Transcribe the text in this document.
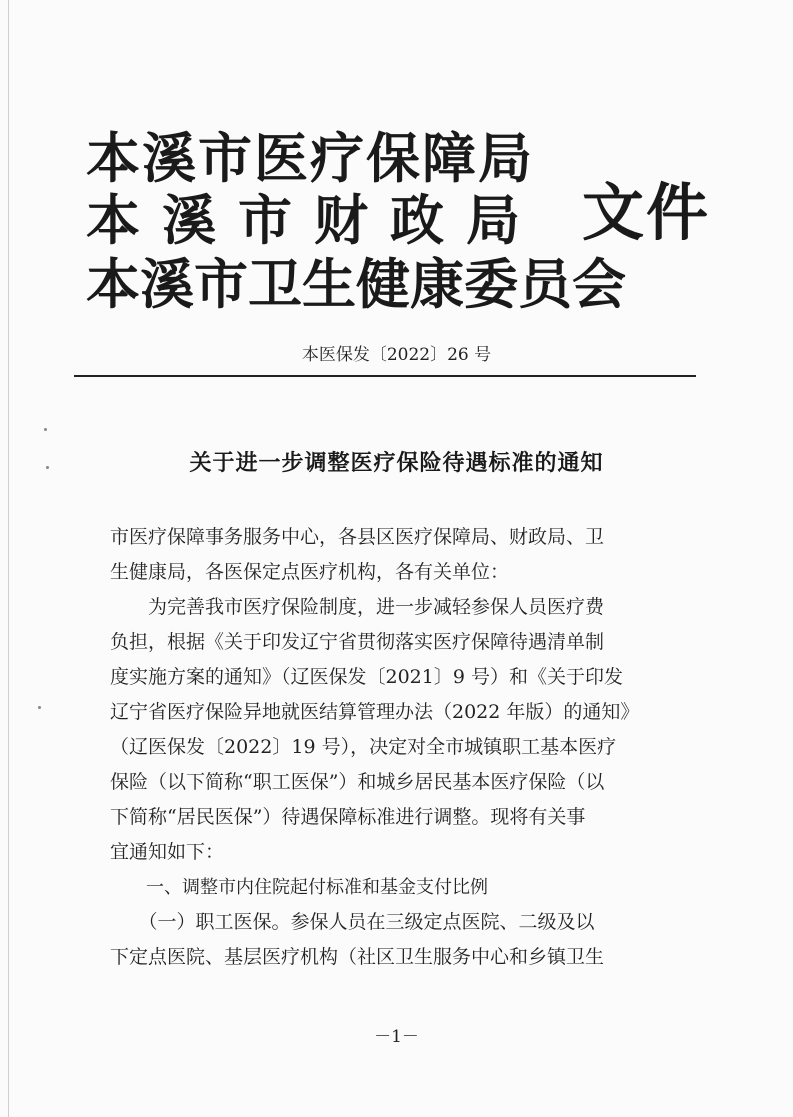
本溪市医疗保障局
本溪市财政局
本溪市卫生健康委员会
文件
本医保发〔2022〕26 号
关于进一步调整医疗保险待遇标准的通知
市医疗保障事务服务中心，各县区医疗保障局、财政局、卫
生健康局，各医保定点医疗机构，各有关单位：
　　为完善我市医疗保险制度，进一步减轻参保人员医疗费
负担，根据《关于印发辽宁省贯彻落实医疗保障待遇清单制
度实施方案的通知》（辽医保发〔2021〕9 号）和《关于印发
辽宁省医疗保险异地就医结算管理办法（2022 年版）的通知》
（辽医保发〔2022〕19 号），决定对全市城镇职工基本医疗
保险（以下简称“职工医保”）和城乡居民基本医疗保险（以
下简称“居民医保”）待遇保障标准进行调整。现将有关事
宜通知如下：
　　一、调整市内住院起付标准和基金支付比例
　　（一）职工医保。参保人员在三级定点医院、二级及以
下定点医院、基层医疗机构（社区卫生服务中心和乡镇卫生
－1－
